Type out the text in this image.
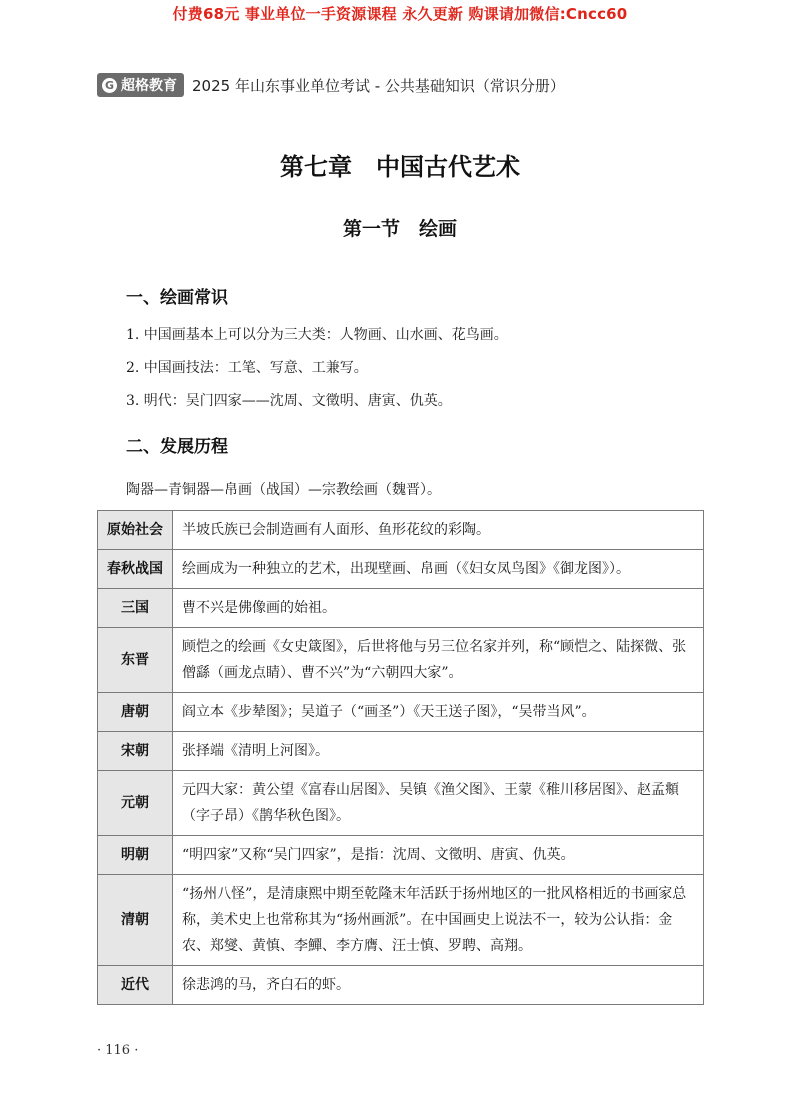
付费68元 事业单位一手资源课程 永久更新 购课请加微信:Cncc60
G 超格教育 2025 年山东事业单位考试 - 公共基础知识（常识分册）
第七章　中国古代艺术
第一节　绘画
一、绘画常识
1. 中国画基本上可以分为三大类：人物画、山水画、花鸟画。
2. 中国画技法：工笔、写意、工兼写。
3. 明代：吴门四家——沈周、文徵明、唐寅、仇英。
二、发展历程
陶器—青铜器—帛画（战国）—宗教绘画（魏晋）。
原始社会	半坡氏族已会制造画有人面形、鱼形花纹的彩陶。
春秋战国	绘画成为一种独立的艺术，出现壁画、帛画（《妇女凤鸟图》《御龙图》）。
三国	曹不兴是佛像画的始祖。
东晋	顾恺之的绘画《女史箴图》，后世将他与另三位名家并列，称“顾恺之、陆探微、张僧繇（画龙点睛）、曹不兴”为“六朝四大家”。
唐朝	阎立本《步辇图》；吴道子（“画圣”）《天王送子图》，“吴带当风”。
宋朝	张择端《清明上河图》。
元朝	元四大家：黄公望《富春山居图》、吴镇《渔父图》、王蒙《稚川移居图》、赵孟頫（字子昂）《鹊华秋色图》。
明朝	“明四家”又称“吴门四家”，是指：沈周、文徵明、唐寅、仇英。
清朝	“扬州八怪”，是清康熙中期至乾隆末年活跃于扬州地区的一批风格相近的书画家总称，美术史上也常称其为“扬州画派”。在中国画史上说法不一，较为公认指：金农、郑燮、黄慎、李鱓、李方膺、汪士慎、罗聘、高翔。
近代	徐悲鸿的马，齐白石的虾。
· 116 ·
